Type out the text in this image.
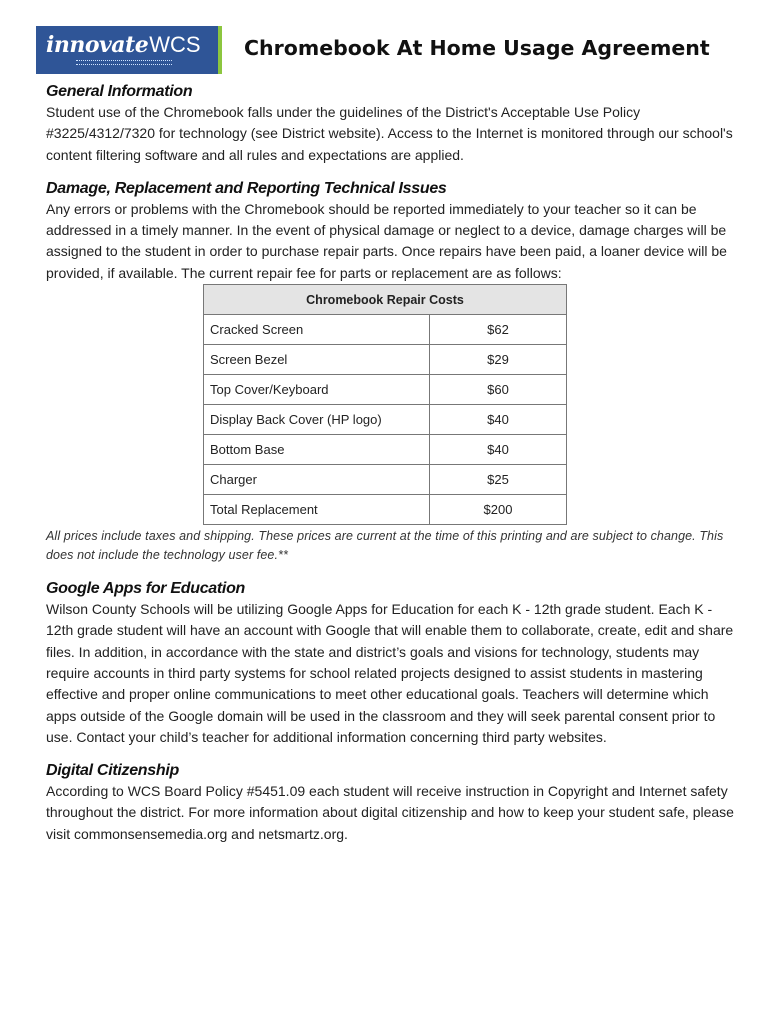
innovateWCS Chromebook At Home Usage Agreement
General Information

Student use of the Chromebook falls under the guidelines of the District's Acceptable Use Policy #3225/4312/7320 for technology (see District website). Access to the Internet is monitored through our school's content filtering software and all rules and expectations are applied.

Damage, Replacement and Reporting Technical Issues

Any errors or problems with the Chromebook should be reported immediately to your teacher so it can be addressed in a timely manner. In the event of physical damage or neglect to a device, damage charges will be assigned to the student in order to purchase repair parts. Once repairs have been paid, a loaner device will be provided, if available. The current repair fee for parts or replacement are as follows:

Chromebook Repair Costs	
Cracked Screen	$62
Screen Bezel	$29
Top Cover/Keyboard	$60
Display Back Cover (HP logo)	$40
Bottom Base	$40
Charger	$25
Total Replacement	$200

All prices include taxes and shipping. These prices are current at the time of this printing and are subject to change. This does not include the technology user fee.**

Google Apps for Education

Wilson County Schools will be utilizing Google Apps for Education for each K - 12th grade student. Each K - 12th grade student will have an account with Google that will enable them to collaborate, create, edit and share files. In addition, in accordance with the state and district’s goals and visions for technology, students may require accounts in third party systems for school related projects designed to assist students in mastering effective and proper online communications to meet other educational goals. Teachers will determine which apps outside of the Google domain will be used in the classroom and they will seek parental consent prior to use. Contact your child’s teacher for additional information concerning third party websites.

Digital Citizenship

According to WCS Board Policy #5451.09 each student will receive instruction in Copyright and Internet safety throughout the district. For more information about digital citizenship and how to keep your student safe, please visit commonsensemedia.org and netsmartz.org.
